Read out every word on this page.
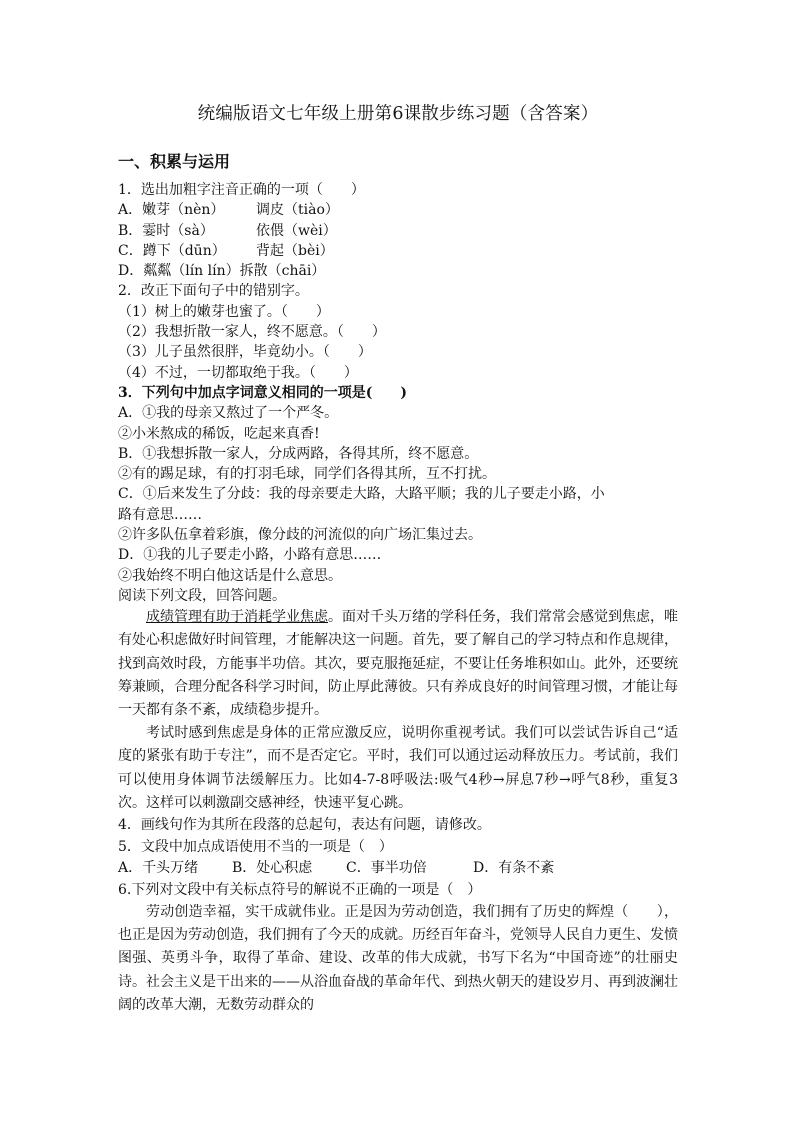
统编版语文七年级上册第6课散步练习题（含答案）
一、积累与运用
1．选出加粗字注音正确的一项（　　）
A．嫩芽（nèn） 调皮（tiào）
B．霎时（sà）	依偎（wèi）
C．蹲下（dūn） 背起（bèi）
D．粼粼（lín lín）拆散（chāi）
2．改正下面句子中的错别字。
（1）树上的嫩芽也蜜了。（　　）
（2）我想折散一家人，终不愿意。（　　）
（3）儿子虽然很胖，毕竟幼小。（　　）
（4）不过，一切都取绝于我。（　　）
3．下列句中加点字词意义相同的一项是(　　)
A．①我的母亲又熬过了一个严冬。
②小米熬成的稀饭，吃起来真香!
B．①我想拆散一家人，分成两路，各得其所，终不愿意。
②有的踢足球，有的打羽毛球，同学们各得其所，互不打扰。
C．①后来发生了分歧：我的母亲要走大路，大路平顺；我的儿子要走小路，小
路有意思……
②许多队伍拿着彩旗，像分歧的河流似的向广场汇集过去。
D．①我的儿子要走小路，小路有意思……
②我始终不明白他这话是什么意思。
阅读下列文段，回答问题。
成绩管理有助于消耗学业焦虑。面对千头万绪的学科任务，我们常常会感觉到焦虑，唯有处心积虑做好时间管理，才能解决这一问题。首先，要了解自己的学习特点和作息规律，找到高效时段，方能事半功倍。其次，要克服拖延症，不要让任务堆积如山。此外，还要统筹兼顾，合理分配各科学习时间，防止厚此薄彼。只有养成良好的时间管理习惯，才能让每一天都有条不紊，成绩稳步提升。
考试时感到焦虑是身体的正常应激反应，说明你重视考试。我们可以尝试告诉自己“适度的紧张有助于专注”，而不是否定它。平时，我们可以通过运动释放压力。考试前，我们可以使用身体调节法缓解压力。比如4-7-8呼吸法:吸气4秒→屏息7秒→呼气8秒，重复3次。这样可以刺激副交感神经，快速平复心跳。
4．画线句作为其所在段落的总起句，表达有问题，请修改。
5．文段中加点成语使用不当的一项是（　）
A．千头万绪	B．处心积虑	C．事半功倍	D．有条不紊
6.下列对文段中有关标点符号的解说不正确的一项是（　）
劳动创造幸福，实干成就伟业。正是因为劳动创造，我们拥有了历史的辉煌（　　），也正是因为劳动创造，我们拥有了今天的成就。历经百年奋斗，党领导人民自力更生、发愤图强、英勇斗争，取得了革命、建设、改革的伟大成就，书写下名为“中国奇迹”的壮丽史诗。社会主义是干出来的——从浴血奋战的革命年代、到热火朝天的建设岁月、再到波澜壮阔的改革大潮，无数劳动群众的
